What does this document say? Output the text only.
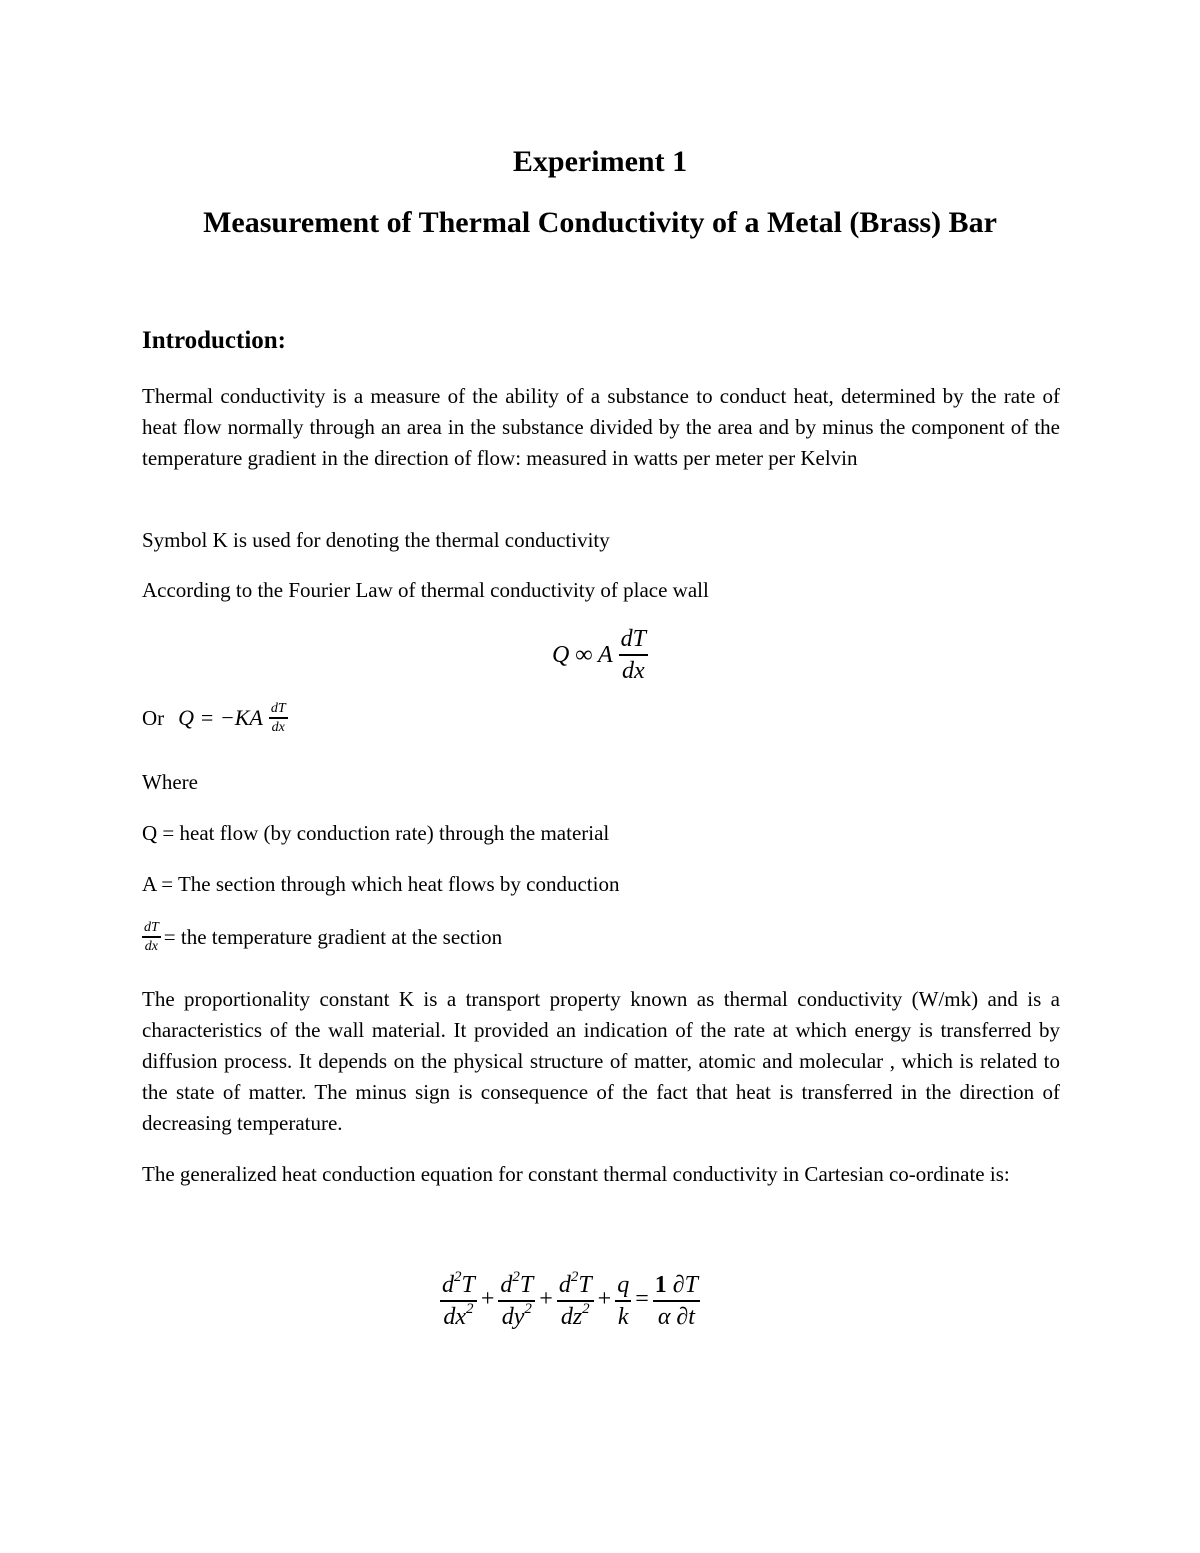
Experiment 1
Measurement of Thermal Conductivity of a Metal (Brass) Bar
Introduction:
Thermal conductivity is a measure of the ability of a substance to conduct heat, determined by the rate of heat flow normally through an area in the substance divided by the area and by minus the component of the temperature gradient in the direction of flow: measured in watts per meter per Kelvin
Symbol K is used for denoting the thermal conductivity
According to the Fourier Law of thermal conductivity of place wall
Q ∞ A $\frac{dT}{dx}$
Or $Q = -KA \frac{dT}{dx}$
Where
Q = heat flow (by conduction rate) through the material
A = The section through which heat flows by conduction
$\frac{dT}{dx}$ = the temperature gradient at the section
The proportionality constant K is a transport property known as thermal conductivity (W/mk) and is a characteristics of the wall material. It provided an indication of the rate at which energy is transferred by diffusion process. It depends on the physical structure of matter, atomic and molecular , which is related to the state of matter. The minus sign is consequence of the fact that heat is transferred in the direction of decreasing temperature.
The generalized heat conduction equation for constant thermal conductivity in Cartesian co-ordinate is:
$\frac{d^2T}{dx^2} + \frac{d^2T}{dy^2} + \frac{d^2T}{dz^2} + \frac{q}{k} = \frac{1 \partial T}{\alpha \partial t}$
